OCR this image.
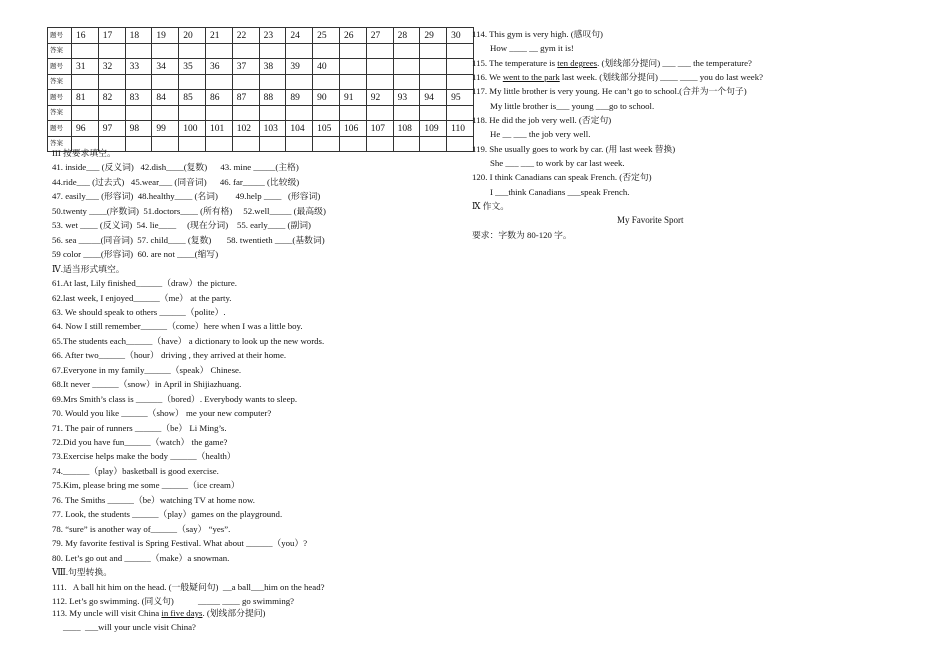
题号	16	17	18	19	20	21	22	23	24	25	26	27	28	29	30
答案															
题号	31	32	33	34	35	36	37	38	39	40					
答案															
题号	81	82	83	84	85	86	87	88	89	90	91	92	93	94	95
答案															
题号	96	97	98	99	100	101	102	103	104	105	106	107	108	109	110
答案															
III 按要求填空。
41. inside___ (反义词)   42.dish____(复数)      43. mine _____(主格)
44.ride___ (过去式)   45.wear___ (同音词)      46. far_____ (比较级)
47. easily___ (形容词)  48.healthy____ (名词)        49.help ____   (形容词)
50.twenty ____(序数词)  51.doctors____ (所有格)     52.well_____ (最高级)
53. wet ____ (反义词)  54. lie____     (现在分词)    55. early____ (副词)
56. sea _____(同音词)  57. child____ (复数)       58. twentieth ____(基数词)
59 color ____(形容词)  60. are not ____(缩写)
Ⅳ.适当形式填空。
61.At last, Lily finished______（draw）the picture.
62.last week, I enjoyed______（me） at the party.
63. We should speak to others ______（polite）.
64. Now I still remember______（come）here when I was a little boy.
65.The students each______（have） a dictionary to look up the new words.
66. After two______（hour） driving , they arrived at their home.
67.Everyone in my family______（speak） Chinese.
68.It never ______（snow）in April in Shijiazhuang.
69.Mrs Smith’s class is ______（bored）. Everybody wants to sleep.
70. Would you like ______（show） me your new computer?
71. The pair of runners ______（be） Li Ming’s.
72.Did you have fun______（watch） the game?
73.Exercise helps make the body ______（health）
74.______（play）basketball is good exercise.
75.Kim, please bring me some ______（ice cream）
76. The Smiths ______（be）watching TV at home now.
77. Look, the students ______（play）games on the playground.
78. “sure” is another way of______（say） “yes”.
79. My favorite festival is Spring Festival. What about ______（you）?
80. Let’s go out and ______（make）a snowman.
Ⅷ.句型转换。
111.   A ball hit him on the head. (一般疑问句)  __a ball___him on the head?
112. Let’s go swimming. (同义句)           _____ ____ go swimming?
113. My uncle will visit China in five days. (划线部分提问)
____  ___will your uncle visit China?
114. This gym is very high. (感叹句)
How ____ __ gym it is!
115. The temperature is ten degrees. (划线部分提问) ___ ___ the temperature?
116. We went to the park last week. (划线部分提问) ____ ____ you do last week?
117. My little brother is very young. He can’t go to school.(合并为一个句子)
My little brother is___ young ___go to school.
118. He did the job very well. (否定句)
He __ ___ the job very well.
119. She usually goes to work by car. (用 last week 替换)
She ___ ___ to work by car last week.
120. I think Canadians can speak French. (否定句)
I ___think Canadians ___speak French.
Ⅸ 作文。
My Favorite Sport
要求：字数为 80-120 字。
